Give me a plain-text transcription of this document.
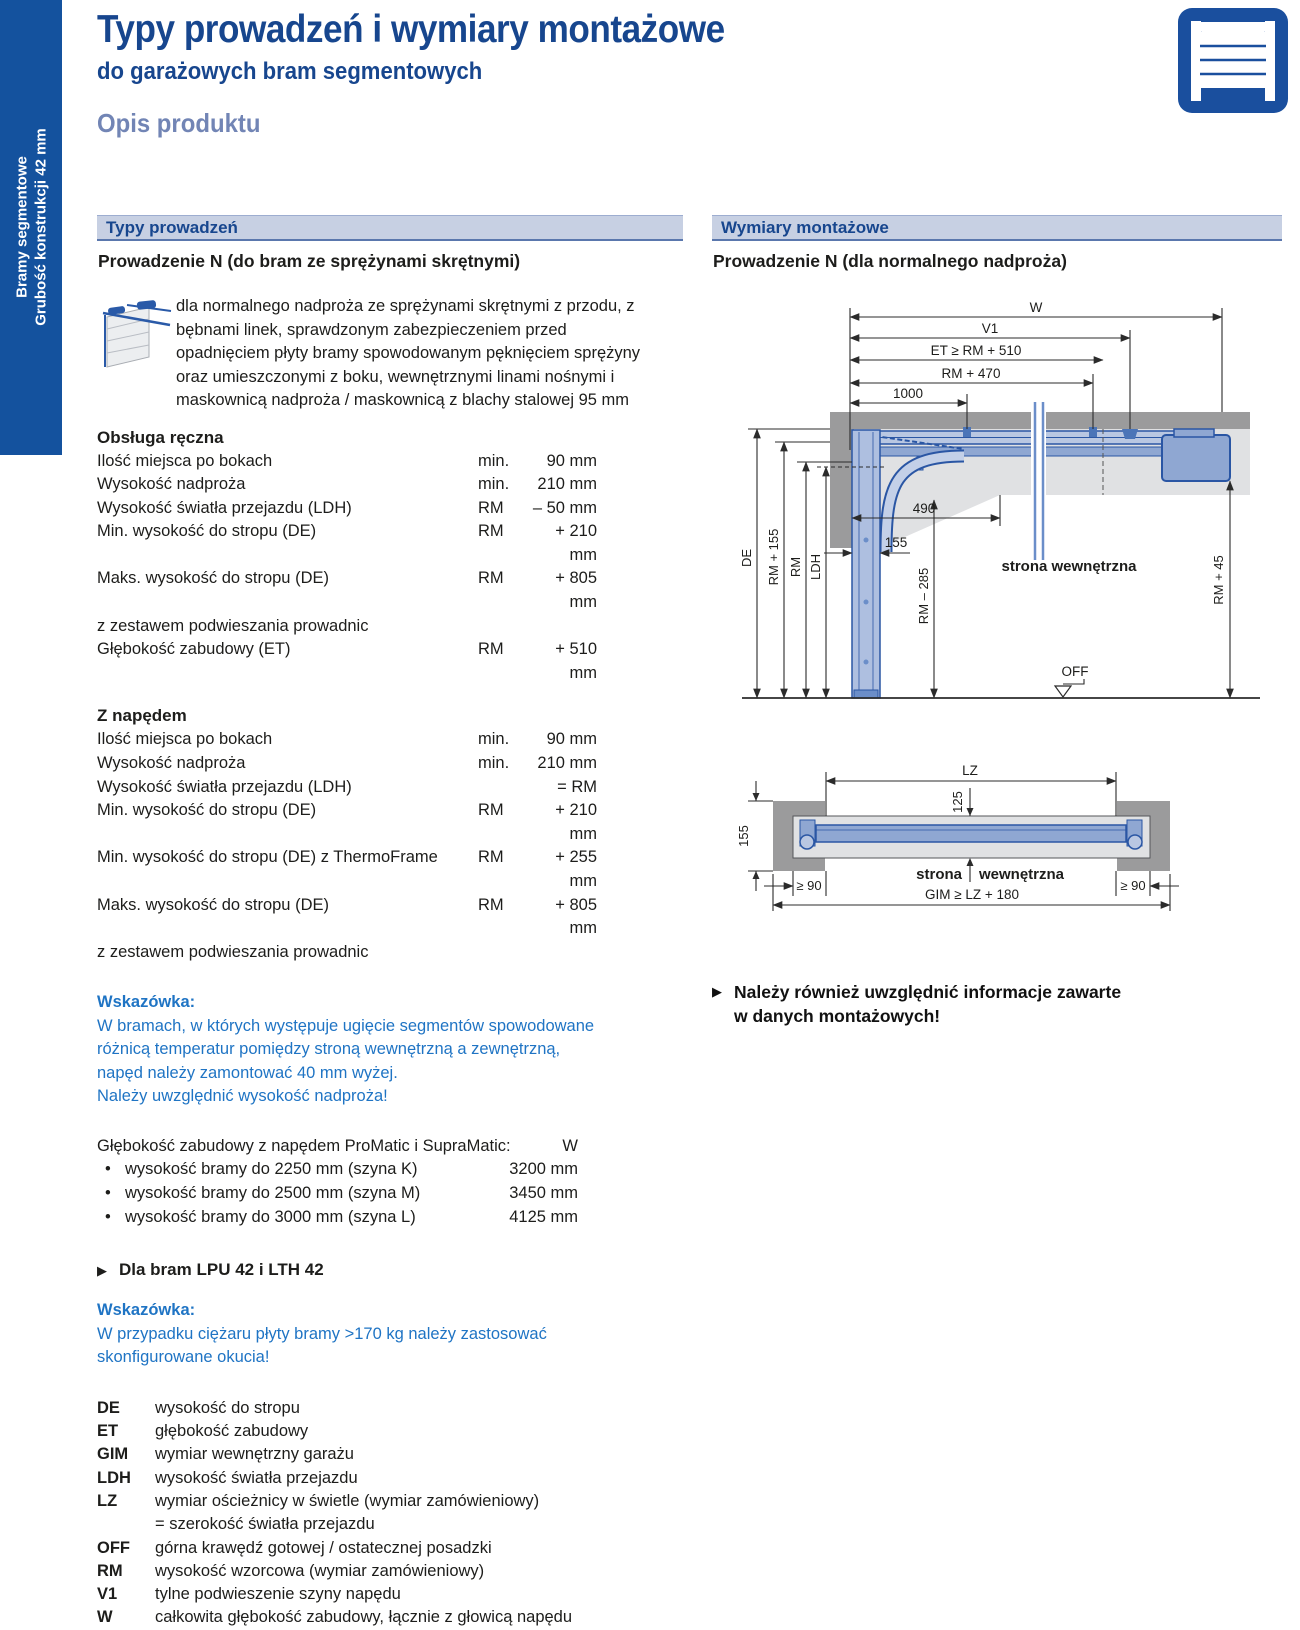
Bramy segmentowe Grubość konstrukcji 42 mm
Typy prowadzeń i wymiary montażowe
do garażowych bram segmentowych
Opis produktu
Typy prowadzeń
Prowadzenie N (do bram ze sprężynami skrętnymi)
dla normalnego nadproża ze sprężynami skrętnymi z przodu, z bębnami linek, sprawdzonym zabezpieczeniem przed opadnięciem płyty bramy spowodowanym pęknięciem sprężyny oraz umieszczonymi z boku, wewnętrznymi linami nośnymi i maskownicą nadproża / maskownicą z blachy stalowej 95 mm
Obsługa ręczna
Ilość miejsca po bokach	min.	90 mm
Wysokość nadproża	min.	210 mm
Wysokość światła przejazdu (LDH)	RM	– 50 mm
Min. wysokość do stropu (DE)	RM	+ 210 mm
Maks. wysokość do stropu (DE)	RM	+ 805 mm
z zestawem podwieszania prowadnic
Głębokość zabudowy (ET)	RM	+ 510 mm
Z napędem
Ilość miejsca po bokach	min.	90 mm
Wysokość nadproża	min.	210 mm
Wysokość światła przejazdu (LDH)	= RM
Min. wysokość do stropu (DE)	RM	+ 210 mm
Min. wysokość do stropu (DE) z ThermoFrame	RM	+ 255 mm
Maks. wysokość do stropu (DE)	RM	+ 805 mm
z zestawem podwieszania prowadnic
Wskazówka:
W bramach, w których występuje ugięcie segmentów spowodowane
różnicą temperatur pomiędzy stroną wewnętrzną a zewnętrzną,
napęd należy zamontować 40 mm wyżej.
Należy uwzględnić wysokość nadproża!
Głębokość zabudowy z napędem ProMatic i SupraMatic:	W
• wysokość bramy do 2250 mm (szyna K)	3200 mm
• wysokość bramy do 2500 mm (szyna M)	3450 mm
• wysokość bramy do 3000 mm (szyna L)	4125 mm
▶ Dla bram LPU 42 i LTH 42
Wskazówka:
W przypadku ciężaru płyty bramy >170 kg należy zastosować
skonfigurowane okucia!
DE	wysokość do stropu
ET	głębokość zabudowy
GIM	wymiar wewnętrzny garażu
LDH	wysokość światła przejazdu
LZ	wymiar ościeżnicy w świetle (wymiar zamówieniowy)
= szerokość światła przejazdu
OFF	górna krawędź gotowej / ostatecznej posadzki
RM	wysokość wzorcowa (wymiar zamówieniowy)
V1	tylne podwieszenie szyny napędu
W	całkowita głębokość zabudowy, łącznie z głowicą napędu
Wymiary montażowe
Prowadzenie N (dla normalnego nadproża)
W
V1
ET ≥ RM + 510
RM + 470
1000
DE RM + 155 RM LDH
RM – 285	RM + 45
490
155
strona wewnętrzna
OFF
LZ
125
155
≥ 90	≥ 90
GIM ≥ LZ + 180
strona wewnętrzna
▶ Należy również uwzględnić informacje zawarte
w danych montażowych!
